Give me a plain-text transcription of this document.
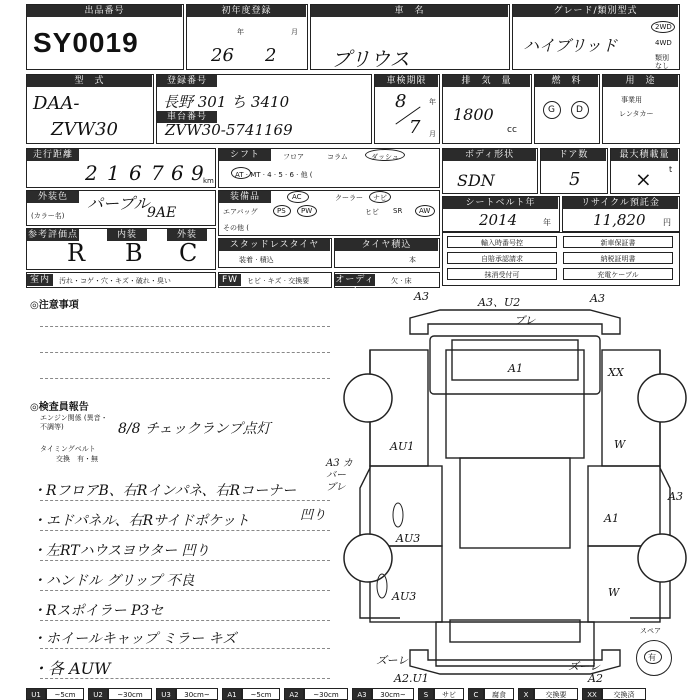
出品番号
SY0019
初年度登録
年	月
26 2
車　名
プリウス
グレード/類別型式
ハイブリッド
2WD
4WD
類別
なし
型　式
DAA-
ZVW30
登録番号
長野 301 ち 3410
車台番号
ZVW30-5741169
車検期限
8	年
7 月
排　気　量
1800
cc
燃　料
G D
用　途
事業用
レンタカー
走行距離
2 1 6 7 6 9 km
シフト	フロア	コラム	ダッシュ
AT · MT · 4 · 5 · 6 · 他 (
ボディ形状
SDN
ドア数
5
最大積載量
× t
外装色
(カラー名)
パープル
9AE
装備品	AC	クーラー ナビ
エアバッグ	PS PW	ヒビ SR AW
その他 (
シートベルト年
2014	年
リサイクル預託金
11,820 円
参考評価点	内装	外装
R B C	スタッドレスタイヤ
装着 · 積込
タイヤ積込
本
輸入時番号控	新車保証書
自賠承認請求	納税証明書
抹消受付可	充電ケーブル
室内	汚れ・コゲ・穴・キズ・破れ・臭い	FW	ヒビ · キズ · 交換要	オーディオ
欠 · 床
◎注意事項
◎検査員報告
エンジン関係 (異音・不調等)	8/8 チェックランプ点灯
タイミングベルト
交換　有・無
・RフロアB、右Rインパネ、右Rコーナー
凹り
・エドパネル、右Rサイドポケット
・左RTハウスヨウター 凹り
・ハンドル グリップ 不良
・Rスポイラー P3セ
・ホイールキャップ ミラー キズ
・各 AUW
A3	A3、U2	A3
ブレ
A1	XX
W
AU1
A3 カバー ブレ
A3
A1
AU3
AU3	W
ズーレ
A2.U1
ズーレ
A2
スペア
有
U1	~5cm	U2	~30cm	U3	30cm~	A1	~5cm	A2	~30cm	A3	30cm~	S	サビ	C	腐食	X	交換要	XX	交換済
